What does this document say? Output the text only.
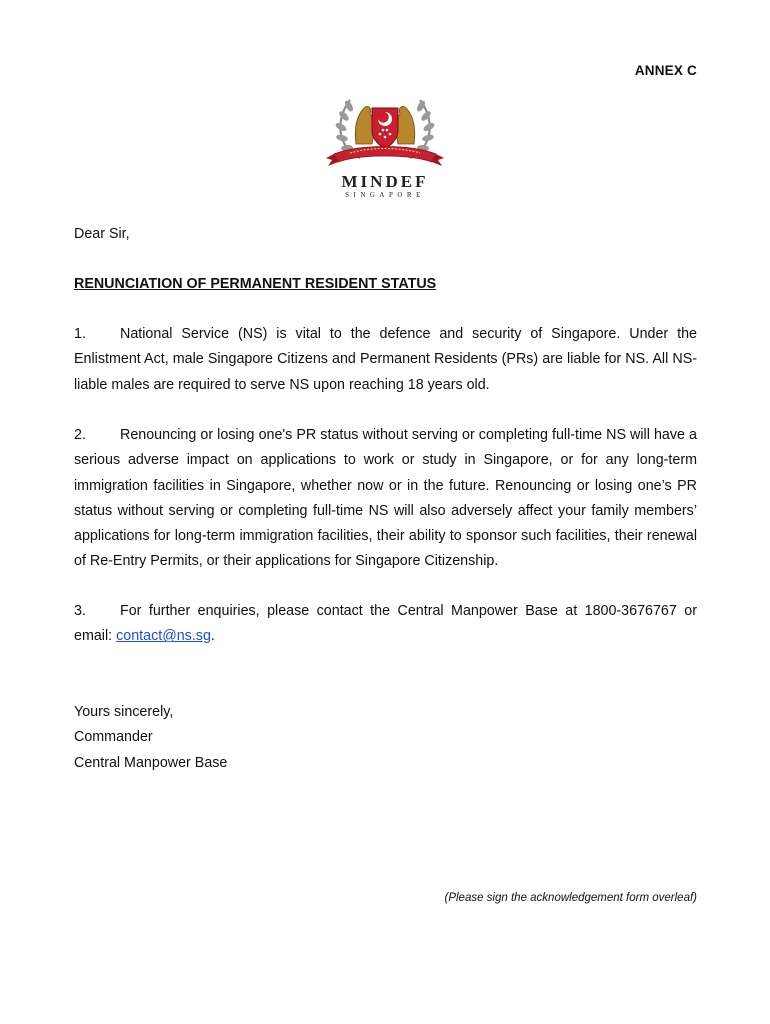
ANNEX C
MINDEF
SINGAPORE

Dear Sir,

RENUNCIATION OF PERMANENT RESIDENT STATUS

1. National Service (NS) is vital to the defence and security of Singapore. Under the Enlistment Act, male Singapore Citizens and Permanent Residents (PRs) are liable for NS. All NS-liable males are required to serve NS upon reaching 18 years old.

2. Renouncing or losing one's PR status without serving or completing full-time NS will have a serious adverse impact on applications to work or study in Singapore, or for any long-term immigration facilities in Singapore, whether now or in the future. Renouncing or losing one’s PR status without serving or completing full-time NS will also adversely affect your family members’ applications for long-term immigration facilities, their ability to sponsor such facilities, their renewal of Re-Entry Permits, or their applications for Singapore Citizenship.

3. For further enquiries, please contact the Central Manpower Base at 1800-3676767 or email: contact@ns.sg.

Yours sincerely,
Commander
Central Manpower Base
(Please sign the acknowledgement form overleaf)
